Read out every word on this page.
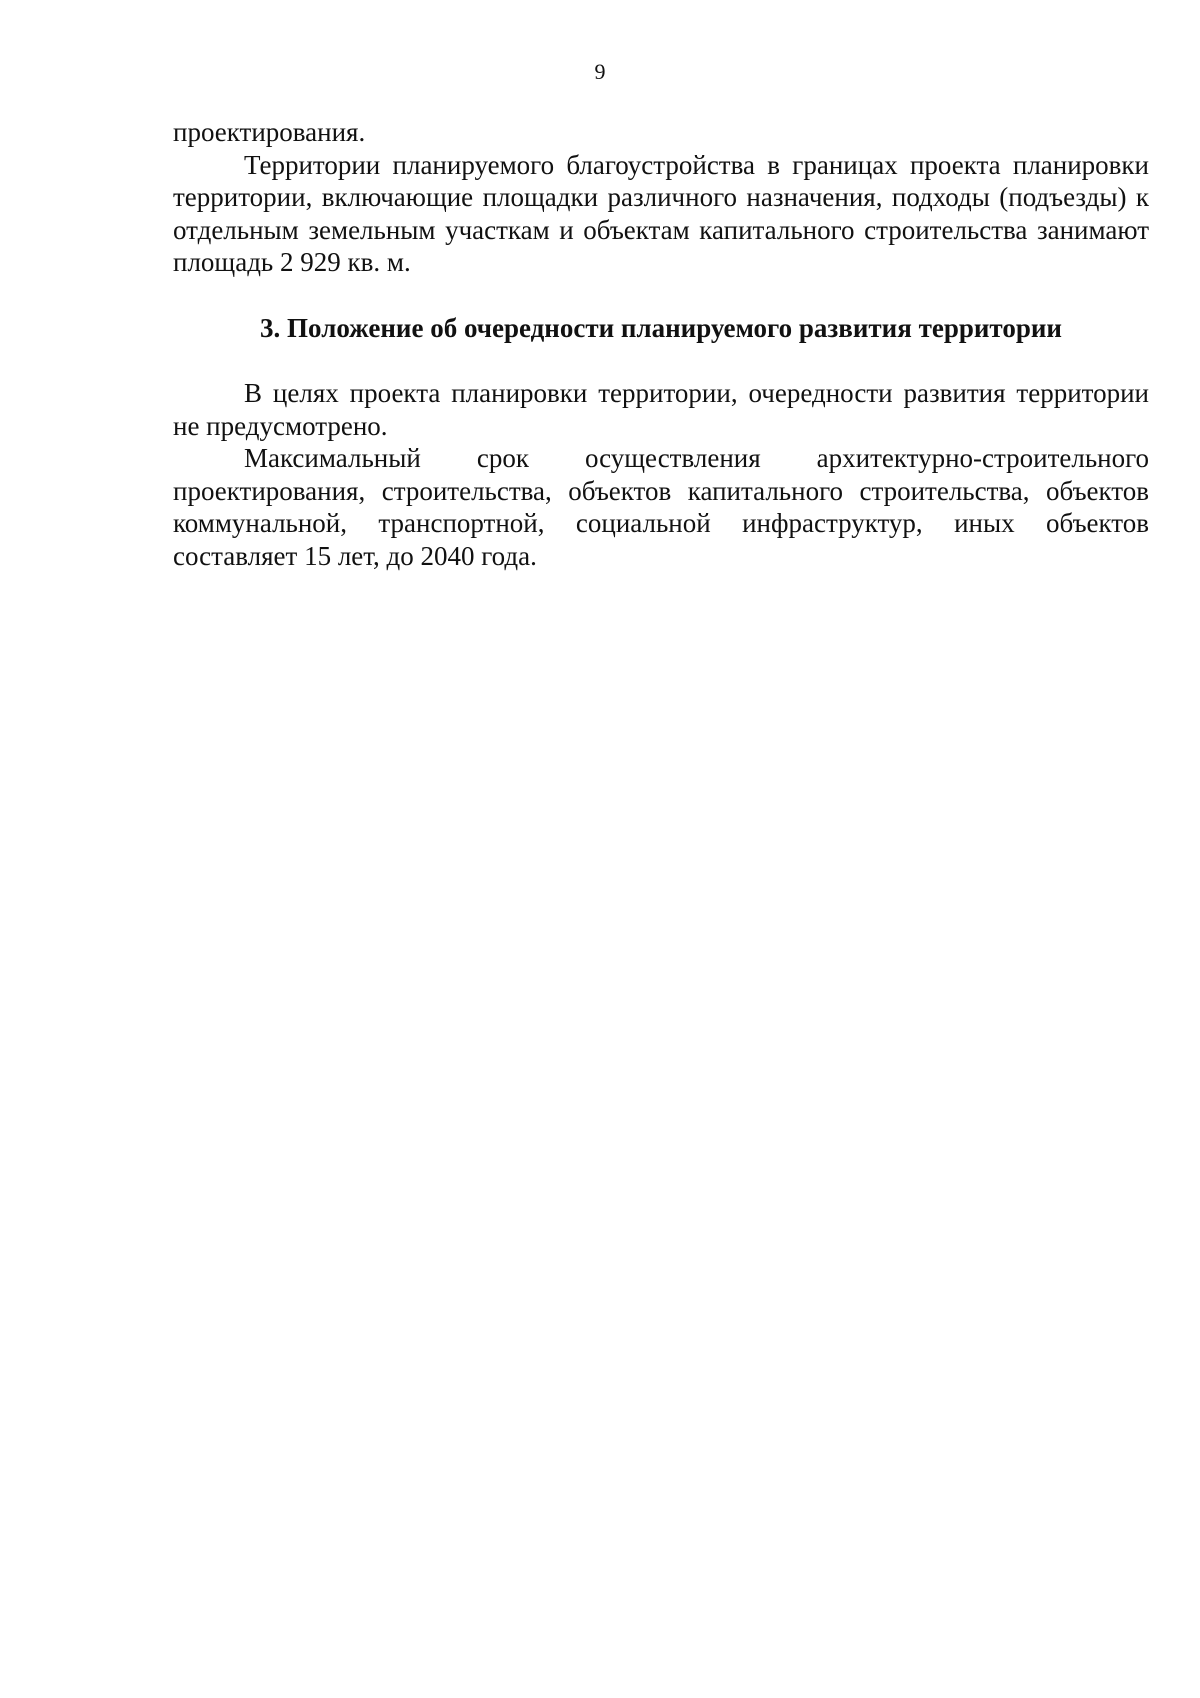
9

проектирования.

Территории планируемого благоустройства в границах проекта планировки территории, включающие площадки различного назначения, подходы (подъезды) к отдельным земельным участкам и объектам капитального строительства занимают площадь 2 929 кв. м.

3. Положение об очередности планируемого развития территории

В целях проекта планировки территории, очередности развития территории не предусмотрено.

Максимальный срок осуществления архитектурно-строительного проектирования, строительства, объектов капитального строительства, объектов коммунальной, транспортной, социальной инфраструктур, иных объектов составляет 15 лет, до 2040 года.
